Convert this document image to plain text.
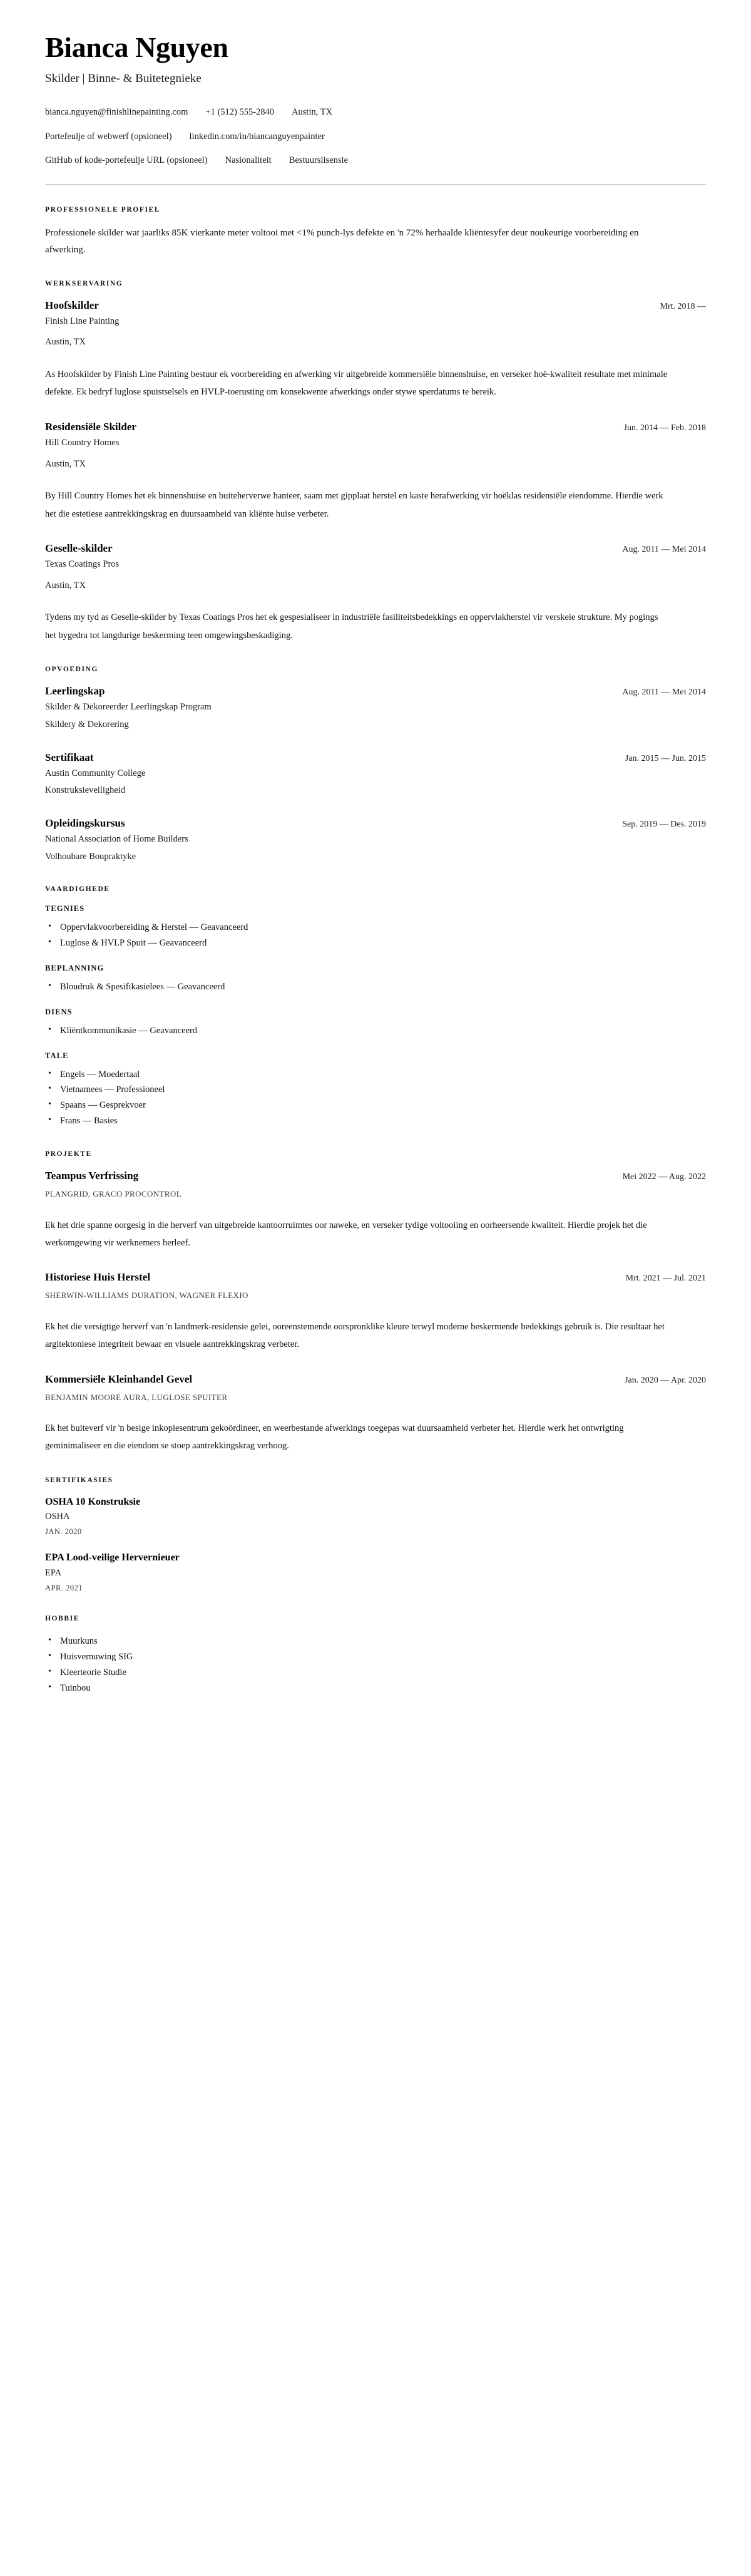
Bianca Nguyen
Skilder | Binne- & Buitetegnieke
bianca.nguyen@finishlinepainting.com +1 (512) 555-2840 Austin, TX
Portefeulje of webwerf (opsioneel) linkedin.com/in/biancanguyenpainter
GitHub of kode-portefeulje URL (opsioneel) Nasionaliteit Bestuurslisensie
PROFESSIONELE PROFIEL

Professionele skilder wat jaarliks 85K vierkante meter voltooi met <1% punch-lys defekte en 'n 72% herhaalde kliëntesyfer deur noukeurige voorbereiding en afwerking.

WERKSERVARING
Hoofskilder	Mrt. 2018 —
Finish Line Painting
Austin, TX
As Hoofskilder by Finish Line Painting bestuur ek voorbereiding en afwerking vir uitgebreide kommersiële binnenshuise, en verseker hoë-kwaliteit resultate met minimale defekte. Ek bedryf luglose spuistselsels en HVLP-toerusting om konsekwente afwerkings onder stywe sperdatums te bereik.
Residensiële Skilder	Jun. 2014 — Feb. 2018
Hill Country Homes
Austin, TX
By Hill Country Homes het ek binnenshuise en buiteherverwe hanteer, saam met gipplaat herstel en kaste herafwerking vir hoëklas residensiële eiendomme. Hierdie werk het die estetiese aantrekkingskrag en duursaamheid van kliënte huise verbeter.
Geselle-skilder	Aug. 2011 — Mei 2014
Texas Coatings Pros
Austin, TX
Tydens my tyd as Geselle-skilder by Texas Coatings Pros het ek gespesialiseer in industriële fasiliteitsbedekkings en oppervlakherstel vir verskeie strukture. My pogings het bygedra tot langdurige beskerming teen omgewingsbeskadiging.
OPVOEDING
Leerlingskap	Aug. 2011 — Mei 2014
Skilder & Dekoreerder Leerlingskap Program
Skildery & Dekorering
Sertifikaat	Jan. 2015 — Jun. 2015
Austin Community College
Konstruksieveiligheid
Opleidingskursus	Sep. 2019 — Des. 2019
National Association of Home Builders
Volhoubare Boupraktyke
VAARDIGHEDE
TEGNIES
• Oppervlakvoorbereiding & Herstel — Geavanceerd
• Luglose & HVLP Spuit — Geavanceerd
BEPLANNING
• Bloudruk & Spesifikasielees — Geavanceerd
DIENS
• Kliëntkommunikasie — Geavanceerd
TALE
• Engels — Moedertaal
• Vietnamees — Professioneel
• Spaans — Gesprekvoer
• Frans — Basies
PROJEKTE
Teampus Verfrissing	Mei 2022 — Aug. 2022
PLANGRID, GRACO PROCONTROL
Ek het drie spanne oorgesig in die herverf van uitgebreide kantoorruimtes oor naweke, en verseker tydige voltooiing en oorheersende kwaliteit. Hierdie projek het die werkomgewing vir werknemers herleef.
Historiese Huis Herstel	Mrt. 2021 — Jul. 2021
SHERWIN-WILLIAMS DURATION, WAGNER FLEXIO
Ek het die versigtige herverf van 'n landmerk-residensie gelei, ooreenstemende oorspronklike kleure terwyl moderne beskermende bedekkings gebruik is. Die resultaat het argitektoniese integriteit bewaar en visuele aantrekkingskrag verbeter.
Kommersiële Kleinhandel Gevel	Jan. 2020 — Apr. 2020
BENJAMIN MOORE AURA, LUGLOSE SPUITER
Ek het buiteverf vir 'n besige inkopiesentrum gekoördineer, en weerbestande afwerkings toegepas wat duursaamheid verbeter het. Hierdie werk het ontwrigting geminimaliseer en die eiendom se stoep aantrekkingskrag verhoog.
SERTIFIKASIES
OSHA 10 Konstruksie
OSHA
JAN. 2020
EPA Lood-veilige Hervernieuer
EPA
APR. 2021
HOBBIE
• Muurkuns
• Huisvernuwing SIG
• Kleerteorie Studie
• Tuinbou
